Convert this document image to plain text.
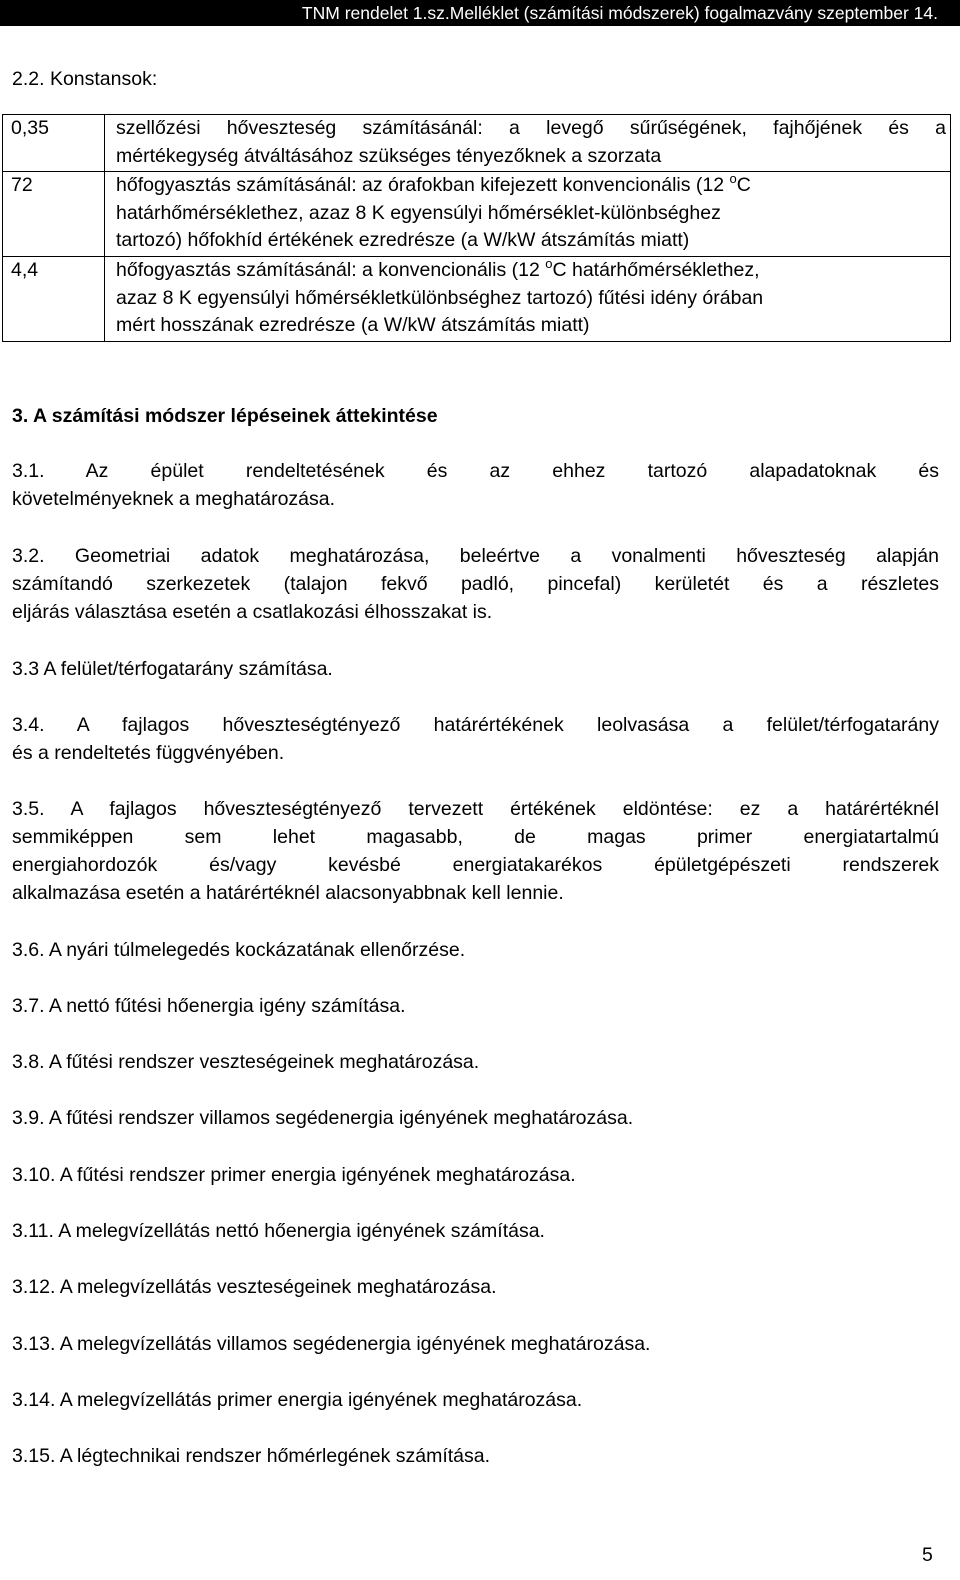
TNM rendelet 1.sz.Melléklet (számítási módszerek) fogalmazvány szeptember 14.
2.2. Konstansok:
0,35	szellőzési hőveszteség számításánál: a levegő sűrűségének, fajhőjének és a
mértékegység átváltásához szükséges tényezőknek a szorzata

72	hőfogyasztás számításánál: az órafokban kifejezett konvencionális (12 $^o$C
határhőmérséklethez, azaz 8 K egyensúlyi hőmérséklet-különbséghez
tartozó) hőfokhíd értékének ezredrésze (a W/kW átszámítás miatt)

4,4	hőfogyasztás számításánál: a konvencionális (12 $^o$C határhőmérséklethez,
azaz 8 K egyensúlyi hőmérsékletkülönbséghez tartozó) fűtési idény órában
mért hosszának ezredrésze (a W/kW átszámítás miatt)
3. A számítási módszer lépéseinek áttekintése
3.1. Az épület rendeltetésének és az ehhez tartozó alapadatoknak és
követelményeknek a meghatározása.
3.2. Geometriai adatok meghatározása, beleértve a vonalmenti hőveszteség alapján
számítandó szerkezetek (talajon fekvő padló, pincefal) kerületét és a részletes
eljárás választása esetén a csatlakozási élhosszakat is.
3.3 A felület/térfogatarány számítása.
3.4. A fajlagos hőveszteségtényező határértékének leolvasása a felület/térfogatarány
és a rendeltetés függvényében.
3.5. A fajlagos hőveszteségtényező tervezett értékének eldöntése: ez a határértéknél
semmiképpen sem lehet magasabb, de magas primer energiatartalmú
energiahordozók és/vagy kevésbé energiatakarékos épületgépészeti rendszerek
alkalmazása esetén a határértéknél alacsonyabbnak kell lennie.
3.6. A nyári túlmelegedés kockázatának ellenőrzése.
3.7. A nettó fűtési hőenergia igény számítása.
3.8. A fűtési rendszer veszteségeinek meghatározása.
3.9. A fűtési rendszer villamos segédenergia igényének meghatározása.
3.10. A fűtési rendszer primer energia igényének meghatározása.
3.11. A melegvízellátás nettó hőenergia igényének számítása.
3.12. A melegvízellátás veszteségeinek meghatározása.
3.13. A melegvízellátás villamos segédenergia igényének meghatározása.
3.14. A melegvízellátás primer energia igényének meghatározása.
3.15. A légtechnikai rendszer hőmérlegének számítása.
5
